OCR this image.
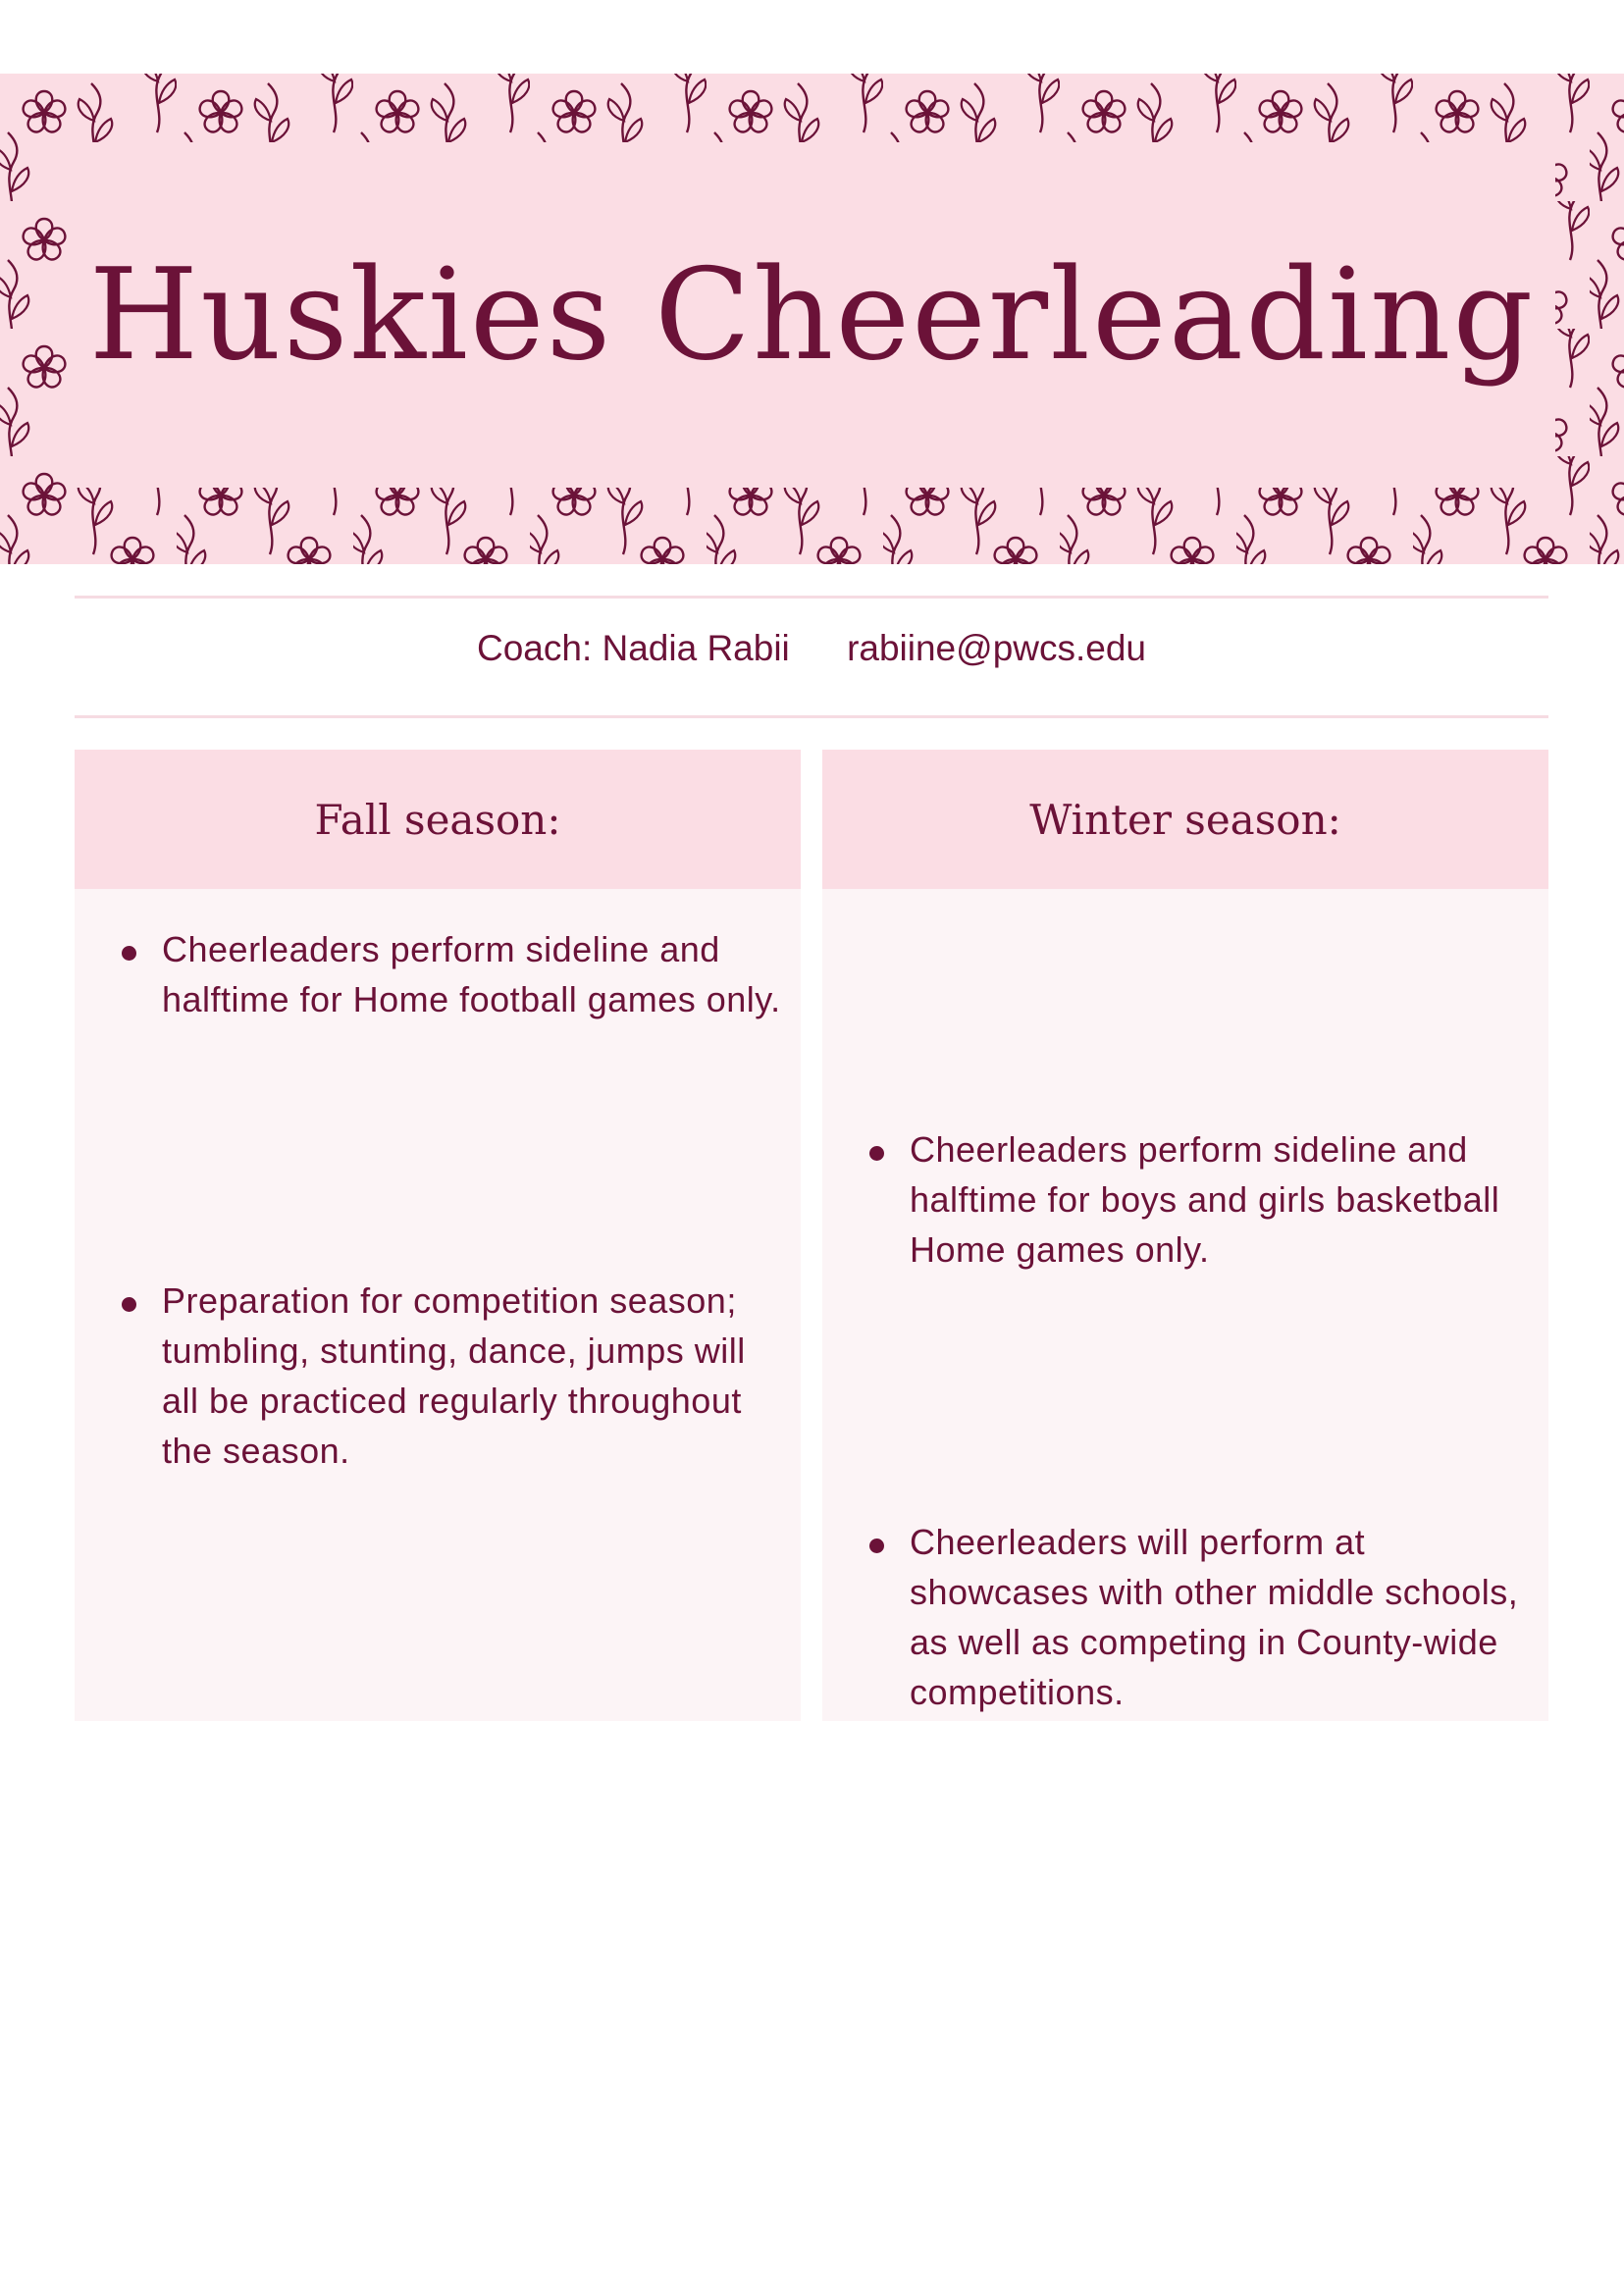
Huskies Cheerleading
Coach: Nadia Rabii rabiine@pwcs.edu
Fall season:
Cheerleaders perform sideline and halftime for Home football games only.
Preparation for competition season; tumbling, stunting, dance, jumps will all be practiced regularly throughout the season.
Winter season:
Cheerleaders perform sideline and halftime for boys and girls basketball Home games only.
Cheerleaders will perform at showcases with other middle schools, as well as competing in County-wide competitions.
